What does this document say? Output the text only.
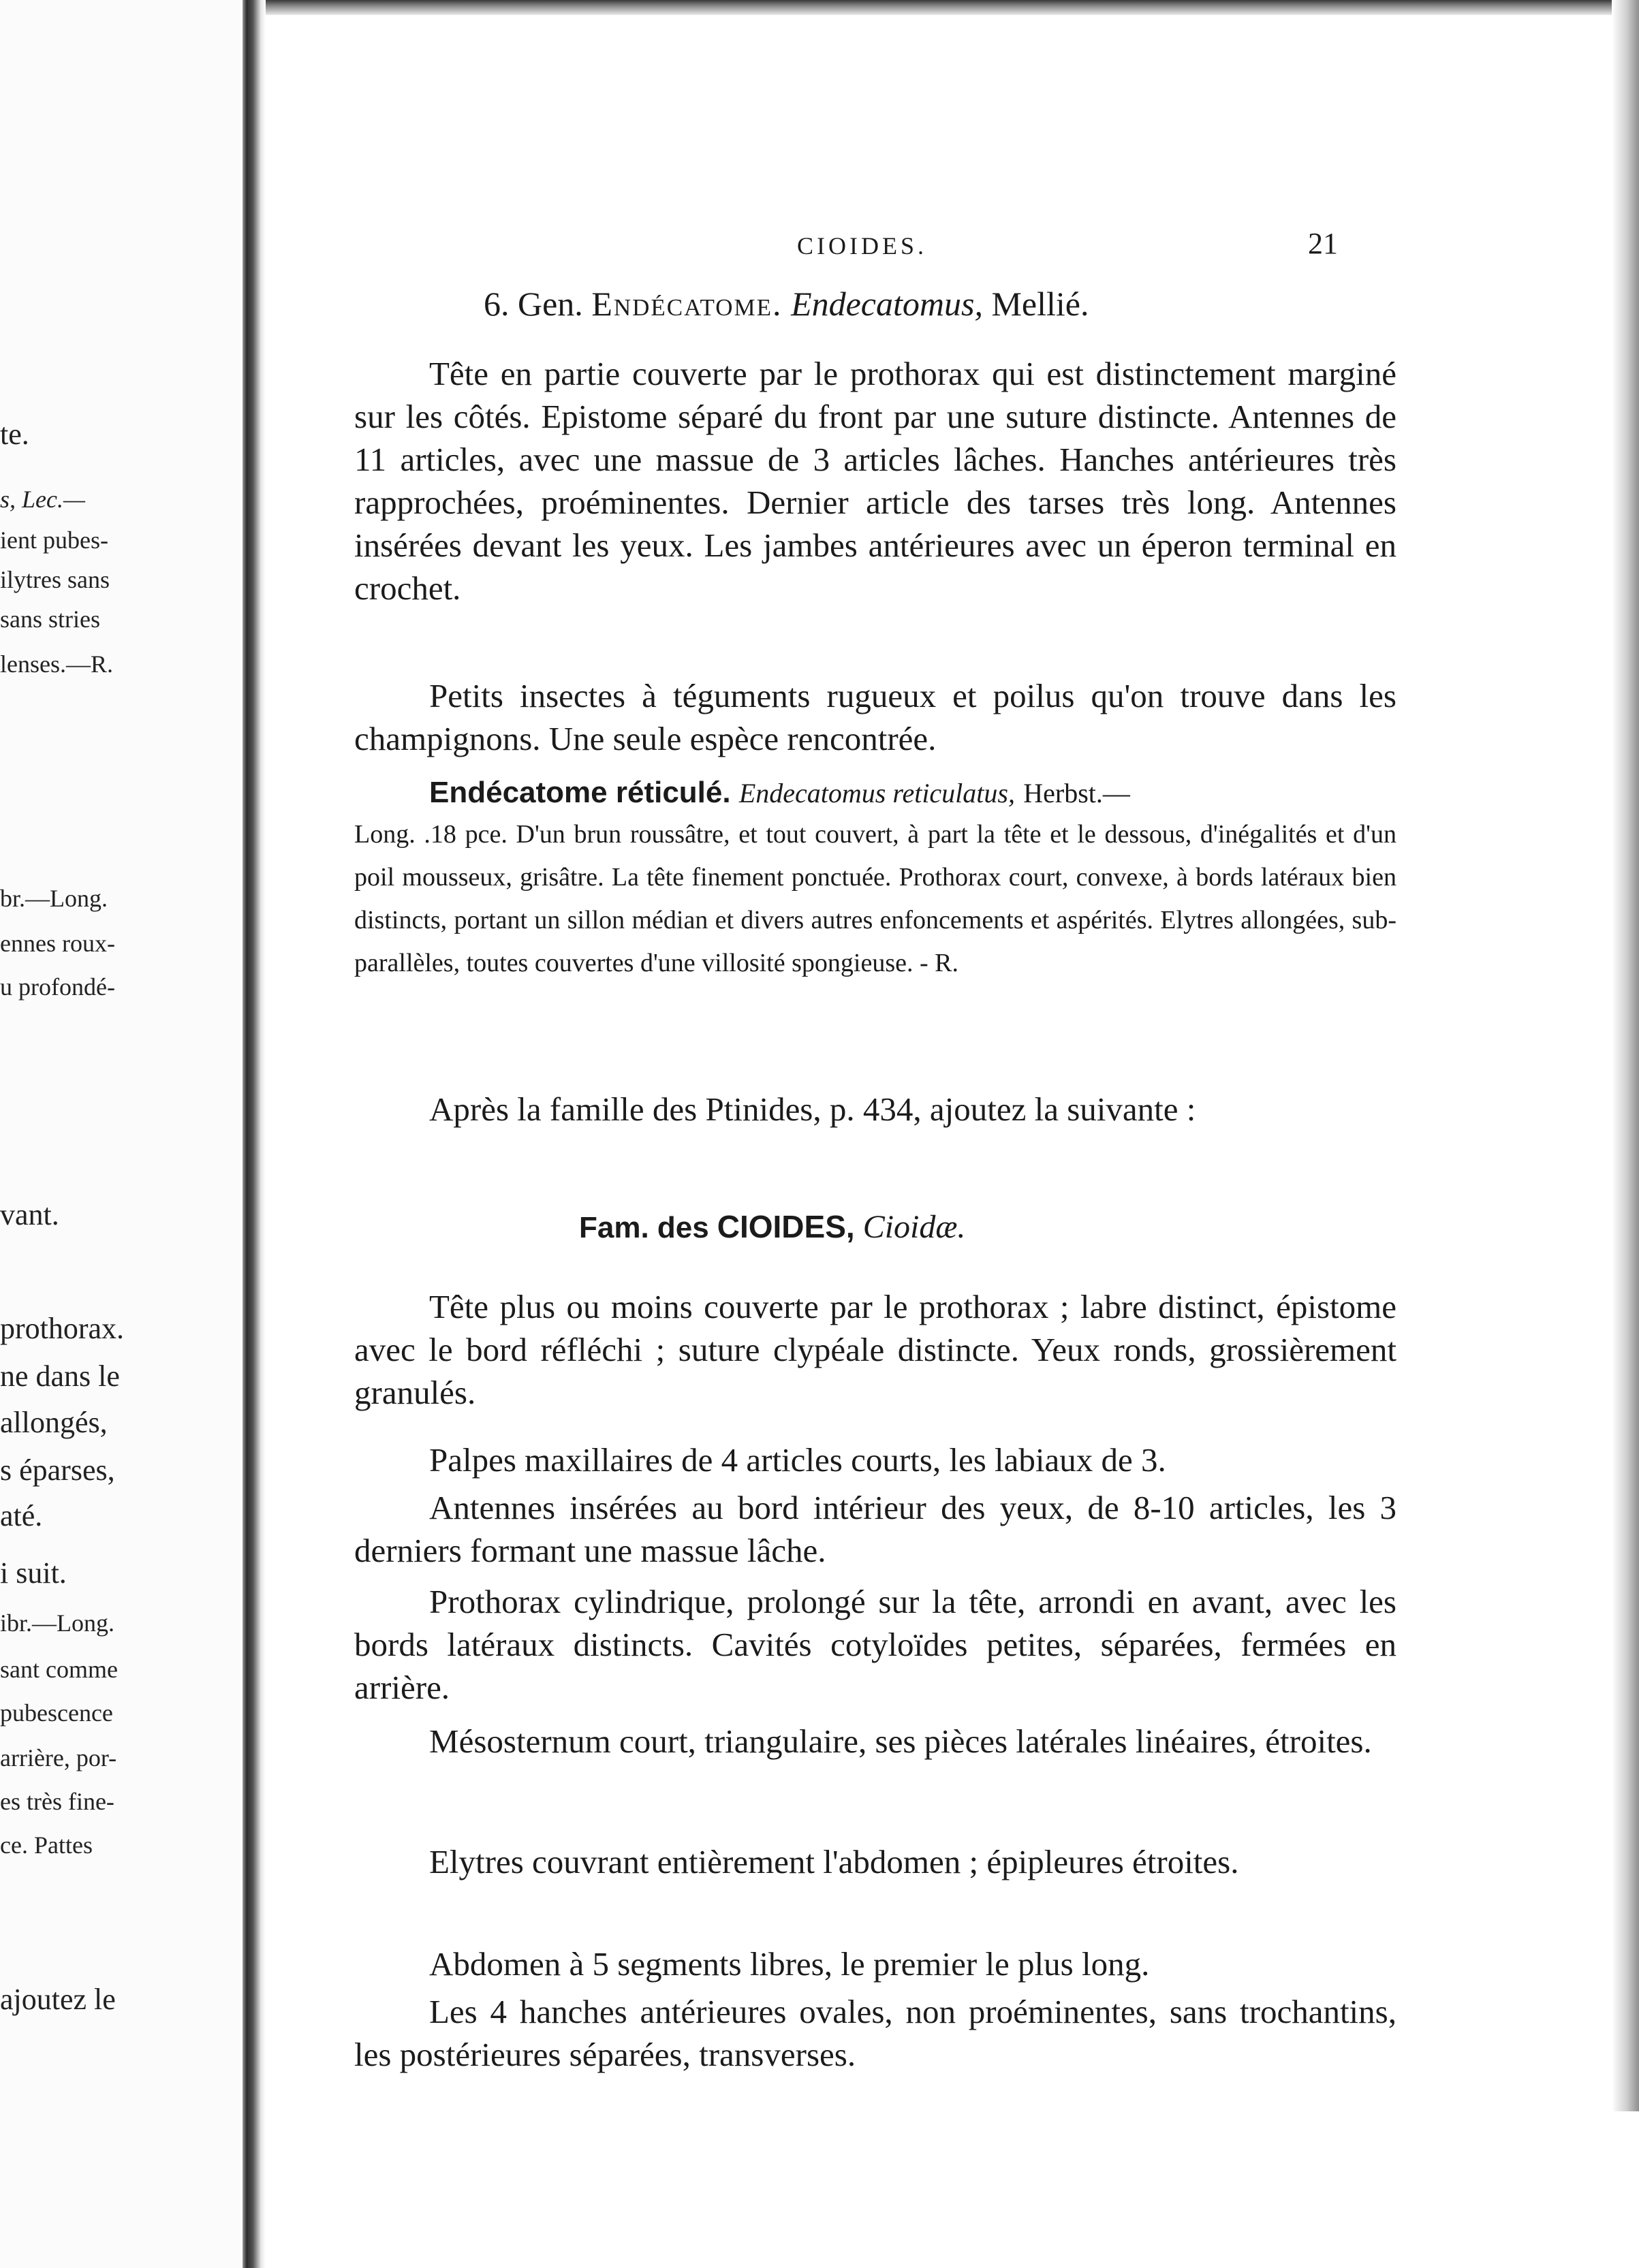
te.
s, Lec.—
ient pubes-
ilytres sans
sans stries
lenses.—R.
br.—Long.
ennes roux-
u profondé-
vant.
prothorax.
ne dans le
allongés,
s éparses,
até.
i suit.
ibr.—Long.
sant comme
pubescence
arrière, por-
es très fine-
ce. Pattes
ajoutez le
CIOIDES.	21
6. Gen. Endécatome. Endecatomus, Mellié.

Tête en partie couverte par le prothorax qui est distinctement marginé sur les côtés. Epistome séparé du front par une suture distincte. Antennes de 11 articles, avec une massue de 3 articles lâches. Hanches antérieures très rapprochées, proéminentes. Dernier article des tarses très long. Antennes insérées devant les yeux. Les jambes antérieures avec un éperon terminal en crochet.

Petits insectes à téguments rugueux et poilus qu'on trouve dans les champignons. Une seule espèce rencontrée.

Endécatome réticulé. Endecatomus reticulatus, Herbst.—

Long. .18 pce. D'un brun roussâtre, et tout couvert, à part la tête et le dessous, d'inégalités et d'un poil mousseux, grisâtre. La tête finement ponctuée. Prothorax court, convexe, à bords latéraux bien distincts, portant un sillon médian et divers autres enfoncements et aspérités. Elytres allongées, sub-parallèles, toutes couvertes d'une villosité spongieuse. - R.

Après la famille des Ptinides, p. 434, ajoutez la suivante :

Fam. des CIOIDES, Cioidæ.

Tête plus ou moins couverte par le prothorax ; labre distinct, épistome avec le bord réfléchi ; suture clypéale distincte. Yeux ronds, grossièrement granulés.

Palpes maxillaires de 4 articles courts, les labiaux de 3.

Antennes insérées au bord intérieur des yeux, de 8-10 articles, les 3 derniers formant une massue lâche.

Prothorax cylindrique, prolongé sur la tête, arrondi en avant, avec les bords latéraux distincts. Cavités cotyloïdes petites, séparées, fermées en arrière.

Mésosternum court, triangulaire, ses pièces latérales linéaires, étroites.

Elytres couvrant entièrement l'abdomen ; épipleures étroites.

Abdomen à 5 segments libres, le premier le plus long.

Les 4 hanches antérieures ovales, non proéminentes, sans trochantins, les postérieures séparées, transverses.
